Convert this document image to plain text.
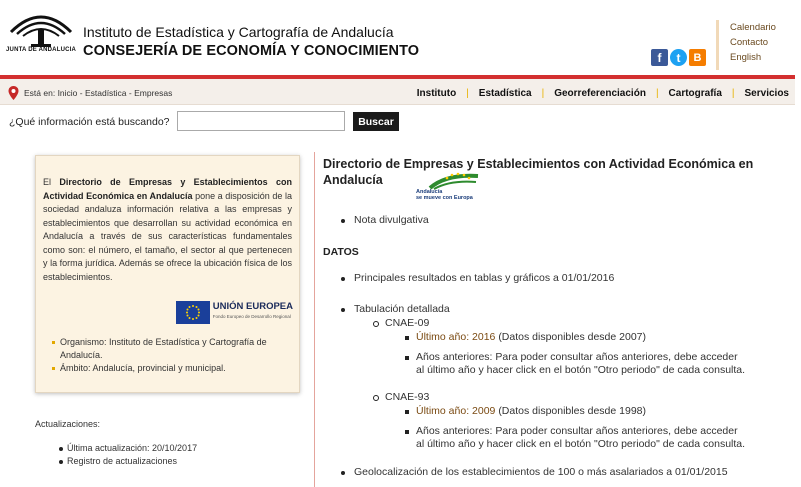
JUNTA DE ANDALUCIA
Instituto de Estadística y Cartografía de Andalucía
CONSEJERÍA DE ECONOMÍA Y CONOCIMIENTO	f	t	B
Calendario
Contacto
English
Está en: Inicio - Estadística - Empresas	Instituto | Estadística | Georreferenciación | Cartografía | Servicios
¿Qué información está buscando?	Buscar

El Directorio de Empresas y Establecimientos con Actividad Económica en Andalucía pone a disposición de la sociedad andaluza información relativa a las empresas y establecimientos que desarrollan su actividad económica en Andalucía a través de sus características fundamentales como son: el número, el tamaño, el sector al que pertenecen y la forma jurídica. Además se ofrece la ubicación física de los establecimientos.

UNIÓN EUROPEA
Fondo Europeo de Desarrollo Regional
Organismo: Instituto de Estadística y Cartografía de Andalucía.
Ámbito: Andalucía, provincial y municipal.
Actualizaciones:
Última actualización: 20/10/2017
Registro de actualizaciones
Directorio de Empresas y Establecimientos con Actividad Económica en Andalucía
Andalucía
se mueve con Europa
Nota divulgativa
DATOS
Principales resultados en tablas y gráficos a 01/01/2016
Tabulación detallada
CNAE-09
Último año: 2016 (Datos disponibles desde 2007)
Años anteriores: Para poder consultar años anteriores, debe acceder
al último año y hacer click en el botón "Otro periodo" de cada consulta.
CNAE-93
Último año: 2009 (Datos disponibles desde 1998)
Años anteriores: Para poder consultar años anteriores, debe acceder
al último año y hacer click en el botón "Otro periodo" de cada consulta.
Geolocalización de los establecimientos de 100 o más asalariados a 01/01/2015
